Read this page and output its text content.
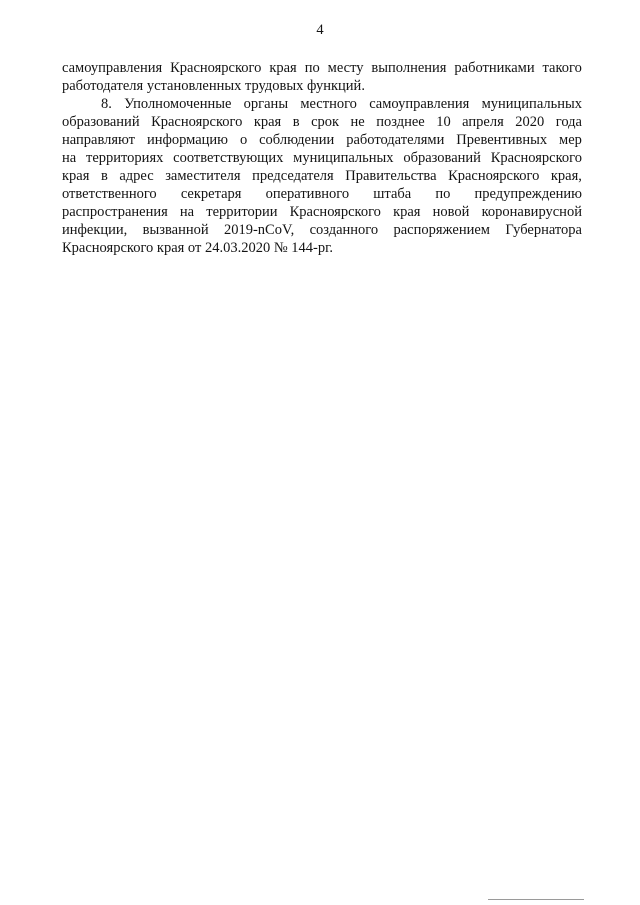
4
самоуправления Красноярского края по месту выполнения работниками такого
работодателя установленных трудовых функций.
8. Уполномоченные органы местного самоуправления муниципальных
образований Красноярского края в срок не позднее 10 апреля 2020 года
направляют информацию о соблюдении работодателями Превентивных мер
на территориях соответствующих муниципальных образований Красноярского
края в адрес заместителя председателя Правительства Красноярского края,
ответственного секретаря оперативного штаба по предупреждению
распространения на территории Красноярского края новой коронавирусной
инфекции, вызванной 2019-nCoV, созданного распоряжением Губернатора
Красноярского края от 24.03.2020 № 144-рг.
